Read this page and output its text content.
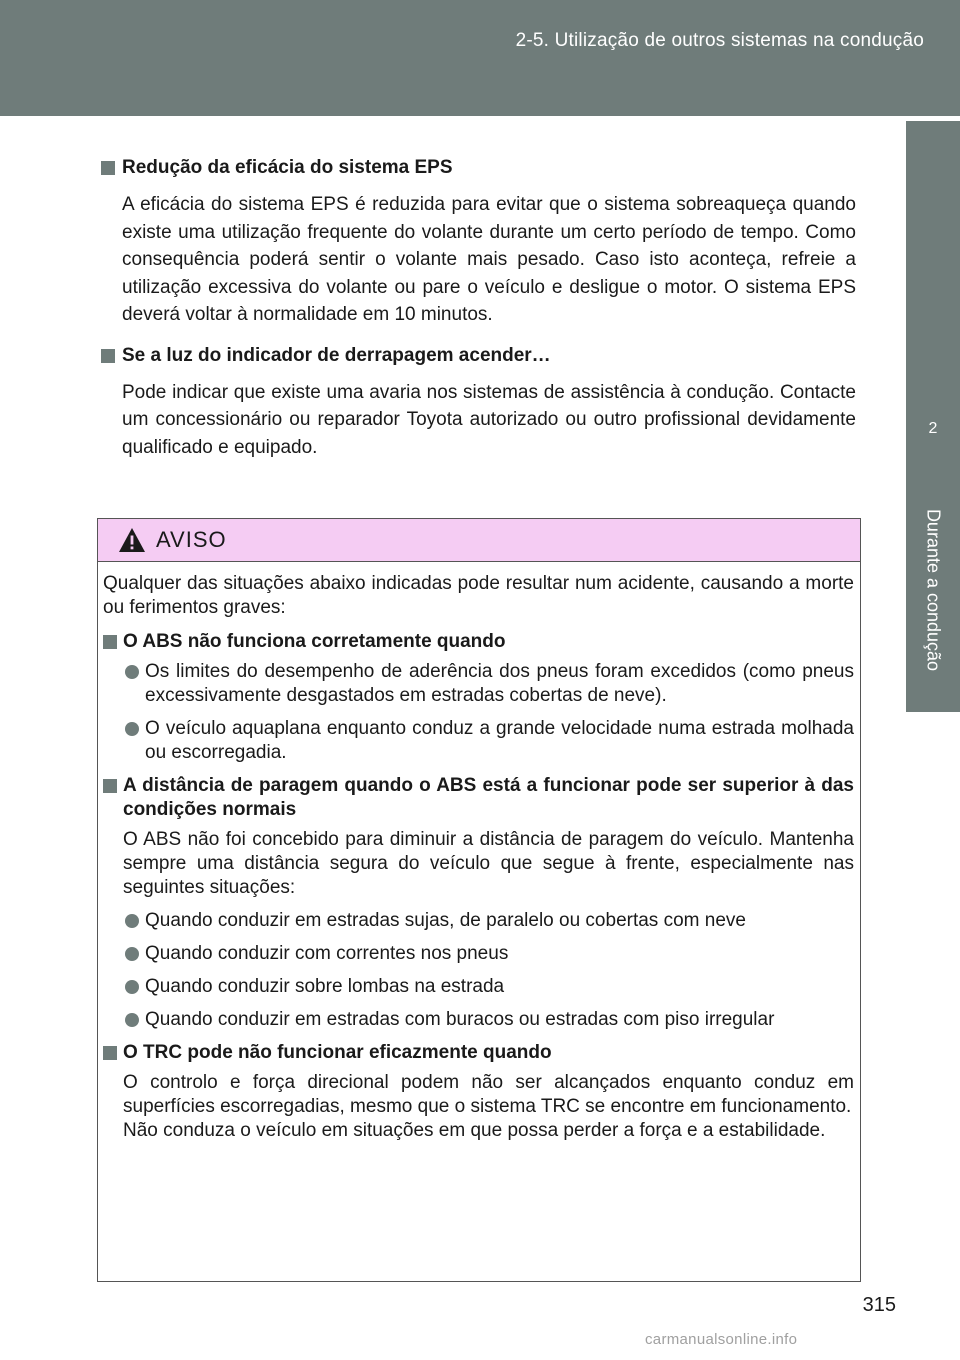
2-5. Utilização de outros sistemas na condução
2
Durante a condução

Redução da eficácia do sistema EPS

A eficácia do sistema EPS é reduzida para evitar que o sistema sobreaqueça quando existe uma utilização frequente do volante durante um certo período de tempo. Como consequência poderá sentir o volante mais pesado. Caso isto aconteça, refreie a utilização excessiva do volante ou pare o veículo e desligue o motor. O sistema EPS deverá voltar à normalidade em 10 minutos.

Se a luz do indicador de derrapagem acender…

Pode indicar que existe uma avaria nos sistemas de assistência à condução. Contacte um concessionário ou reparador Toyota autorizado ou outro profissional devidamente qualificado e equipado.

AVISO

Qualquer das situações abaixo indicadas pode resultar num acidente, causando a morte ou ferimentos graves:

O ABS não funciona corretamente quando

Os limites do desempenho de aderência dos pneus foram excedidos (como pneus excessivamente desgastados em estradas cobertas de neve).

O veículo aquaplana enquanto conduz a grande velocidade numa estrada molhada ou escorregadia.

A distância de paragem quando o ABS está a funcionar pode ser superior à das condições normais

O ABS não foi concebido para diminuir a distância de paragem do veículo. Mantenha sempre uma distância segura do veículo que segue à frente, especialmente nas seguintes situações:

Quando conduzir em estradas sujas, de paralelo ou cobertas com neve

Quando conduzir com correntes nos pneus

Quando conduzir sobre lombas na estrada

Quando conduzir em estradas com buracos ou estradas com piso irregular

O TRC pode não funcionar eficazmente quando

O controlo e força direcional podem não ser alcançados enquanto conduz em superfícies escorregadias, mesmo que o sistema TRC se encontre em funcionamento.

Não conduza o veículo em situações em que possa perder a força e a estabilidade.

315
carmanualsonline.info
